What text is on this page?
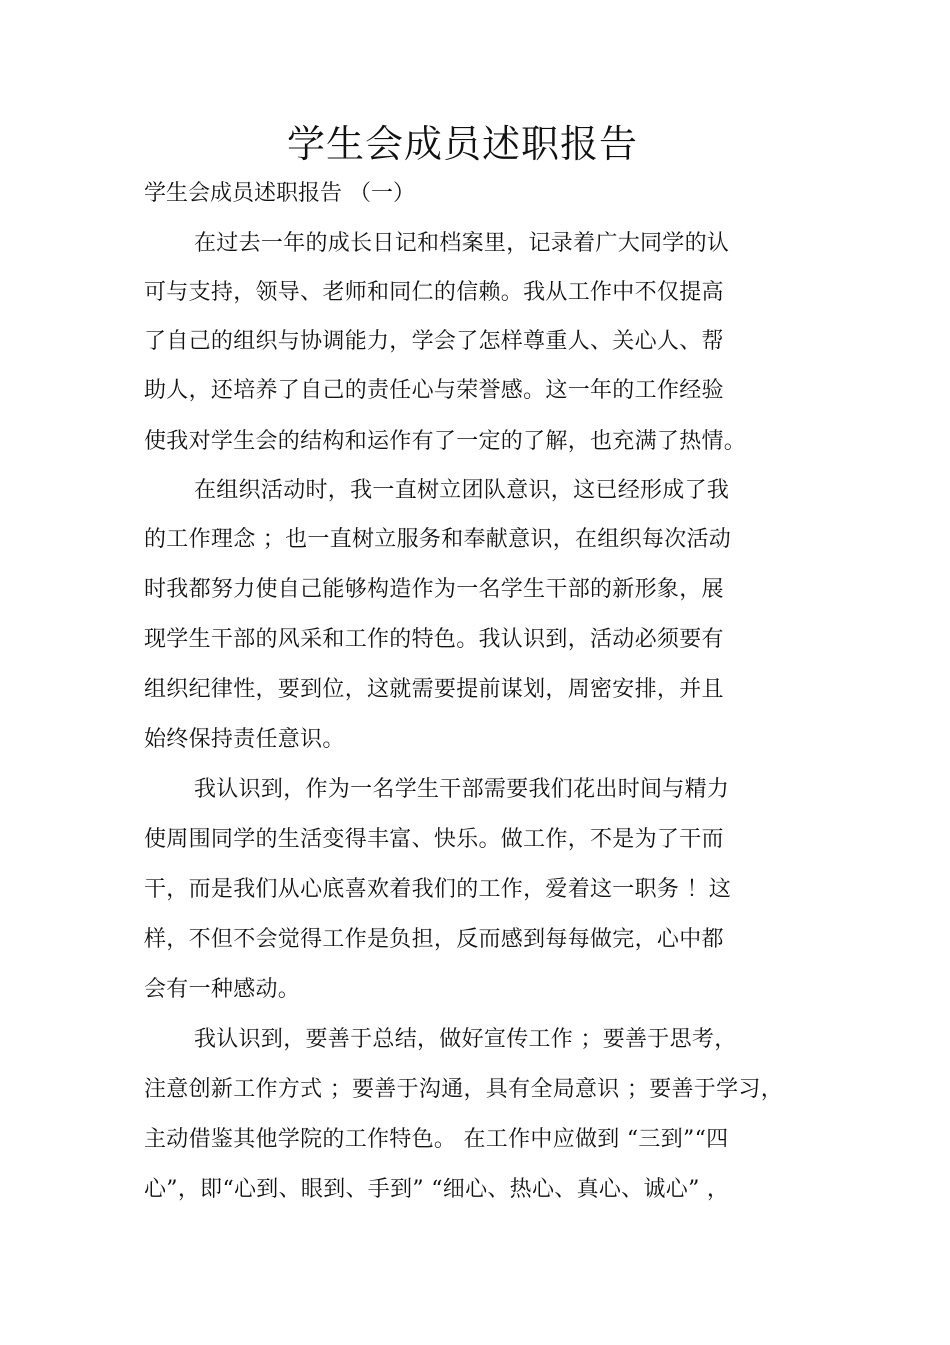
学生会成员述职报告
学生会成员述职报告 （一）
在过去一年的成长日记和档案里，记录着广大同学的认
可与支持，领导、老师和同仁的信赖。我从工作中不仅提高
了自己的组织与协调能力，学会了怎样尊重人、关心人、帮
助人，还培养了自己的责任心与荣誉感。这一年的工作经验
使我对学生会的结构和运作有了一定的了解，也充满了热情。
在组织活动时，我一直树立团队意识，这已经形成了我
的工作理念 ；也一直树立服务和奉献意识，在组织每次活动
时我都努力使自己能够构造作为一名学生干部的新形象，展
现学生干部的风采和工作的特色。我认识到，活动必须要有
组织纪律性，要到位，这就需要提前谋划，周密安排，并且
始终保持责任意识。
我认识到，作为一名学生干部需要我们花出时间与精力
使周围同学的生活变得丰富、快乐。做工作，不是为了干而
干，而是我们从心底喜欢着我们的工作，爱着这一职务 ！这
样，不但不会觉得工作是负担，反而感到每每做完，心中都
会有一种感动。
我认识到，要善于总结，做好宣传工作 ；要善于思考，
注意创新工作方式 ；要善于沟通，具有全局意识 ；要善于学习，
主动借鉴其他学院的工作特色。 在工作中应做到 “三到”“四
心”，即“心到、眼到、手到” “细心、热心、真心、诚心” ，
